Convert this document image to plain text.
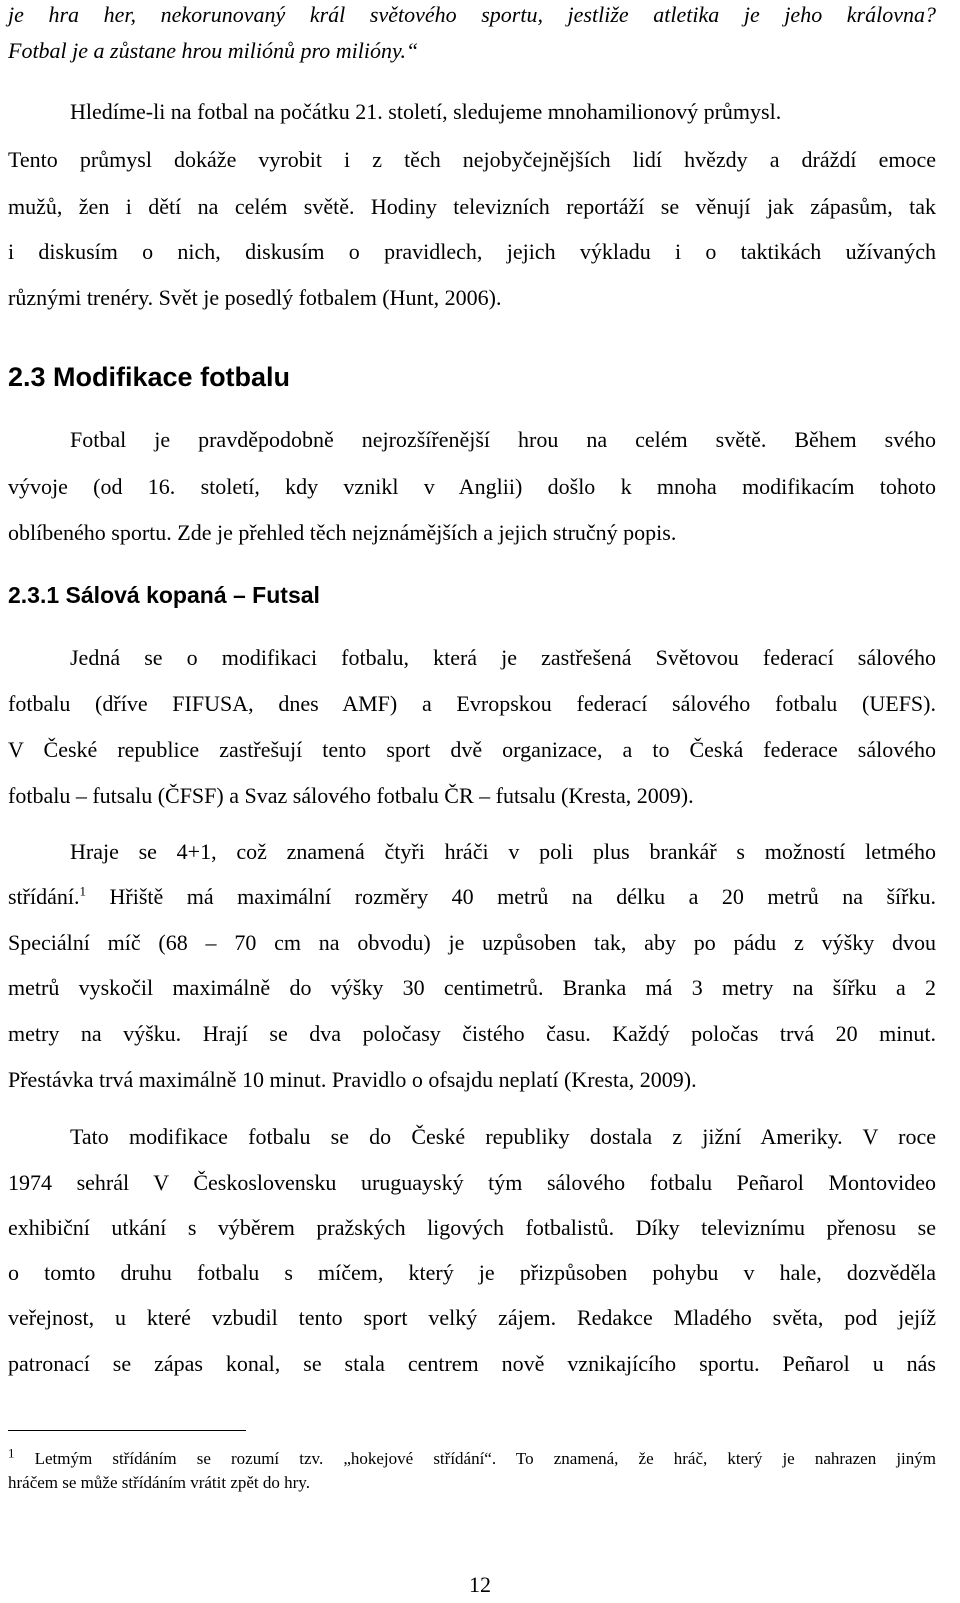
je hra her, nekorunovaný král světového sportu, jestliže atletika je jeho královna?
Fotbal je a zůstane hrou miliónů pro milióny.“
Hledíme-li na fotbal na počátku 21. století, sledujeme mnohamilionový průmysl.
Tento průmysl dokáže vyrobit i z těch nejobyčejnějších lidí hvězdy a dráždí emoce
mužů, žen i dětí na celém světě. Hodiny televizních reportáží se věnují jak zápasům, tak
i diskusím o nich, diskusím o pravidlech, jejich výkladu i o taktikách užívaných
různými trenéry. Svět je posedlý fotbalem (Hunt, 2006).
2.3 Modifikace fotbalu
Fotbal je pravděpodobně nejrozšířenější hrou na celém světě. Během svého
vývoje (od 16. století, kdy vznikl v Anglii) došlo k mnoha modifikacím tohoto
oblíbeného sportu. Zde je přehled těch nejznámějších a jejich stručný popis.
2.3.1 Sálová kopaná – Futsal
Jedná se o modifikaci fotbalu, která je zastřešená Světovou federací sálového
fotbalu (dříve FIFUSA, dnes AMF) a Evropskou federací sálového fotbalu (UEFS).
V České republice zastřešují tento sport dvě organizace, a to Česká federace sálového
fotbalu – futsalu (ČFSF) a Svaz sálového fotbalu ČR – futsalu (Kresta, 2009).
Hraje se 4+1, což znamená čtyři hráči v poli plus brankář s možností letmého
střídání.$^1$ Hřiště má maximální rozměry 40 metrů na délku a 20 metrů na šířku.
Speciální míč (68 – 70 cm na obvodu) je uzpůsoben tak, aby po pádu z výšky dvou
metrů vyskočil maximálně do výšky 30 centimetrů. Branka má 3 metry na šířku a 2
metry na výšku. Hrají se dva poločasy čistého času. Každý poločas trvá 20 minut.
Přestávka trvá maximálně 10 minut. Pravidlo o ofsajdu neplatí (Kresta, 2009).
Tato modifikace fotbalu se do České republiky dostala z jižní Ameriky. V roce
1974 sehrál V Československu uruguayský tým sálového fotbalu Peñarol Montovideo
exhibiční utkání s výběrem pražských ligových fotbalistů. Díky televiznímu přenosu se
o tomto druhu fotbalu s míčem, který je přizpůsoben pohybu v hale, dozvěděla
veřejnost, u které vzbudil tento sport velký zájem. Redakce Mladého světa, pod jejíž
patronací se zápas konal, se stala centrem nově vznikajícího sportu. Peñarol u nás
$^1$ Letmým střídáním se rozumí tzv. „hokejové střídání“. To znamená, že hráč, který je nahrazen jiným
hráčem se může střídáním vrátit zpět do hry.
12
